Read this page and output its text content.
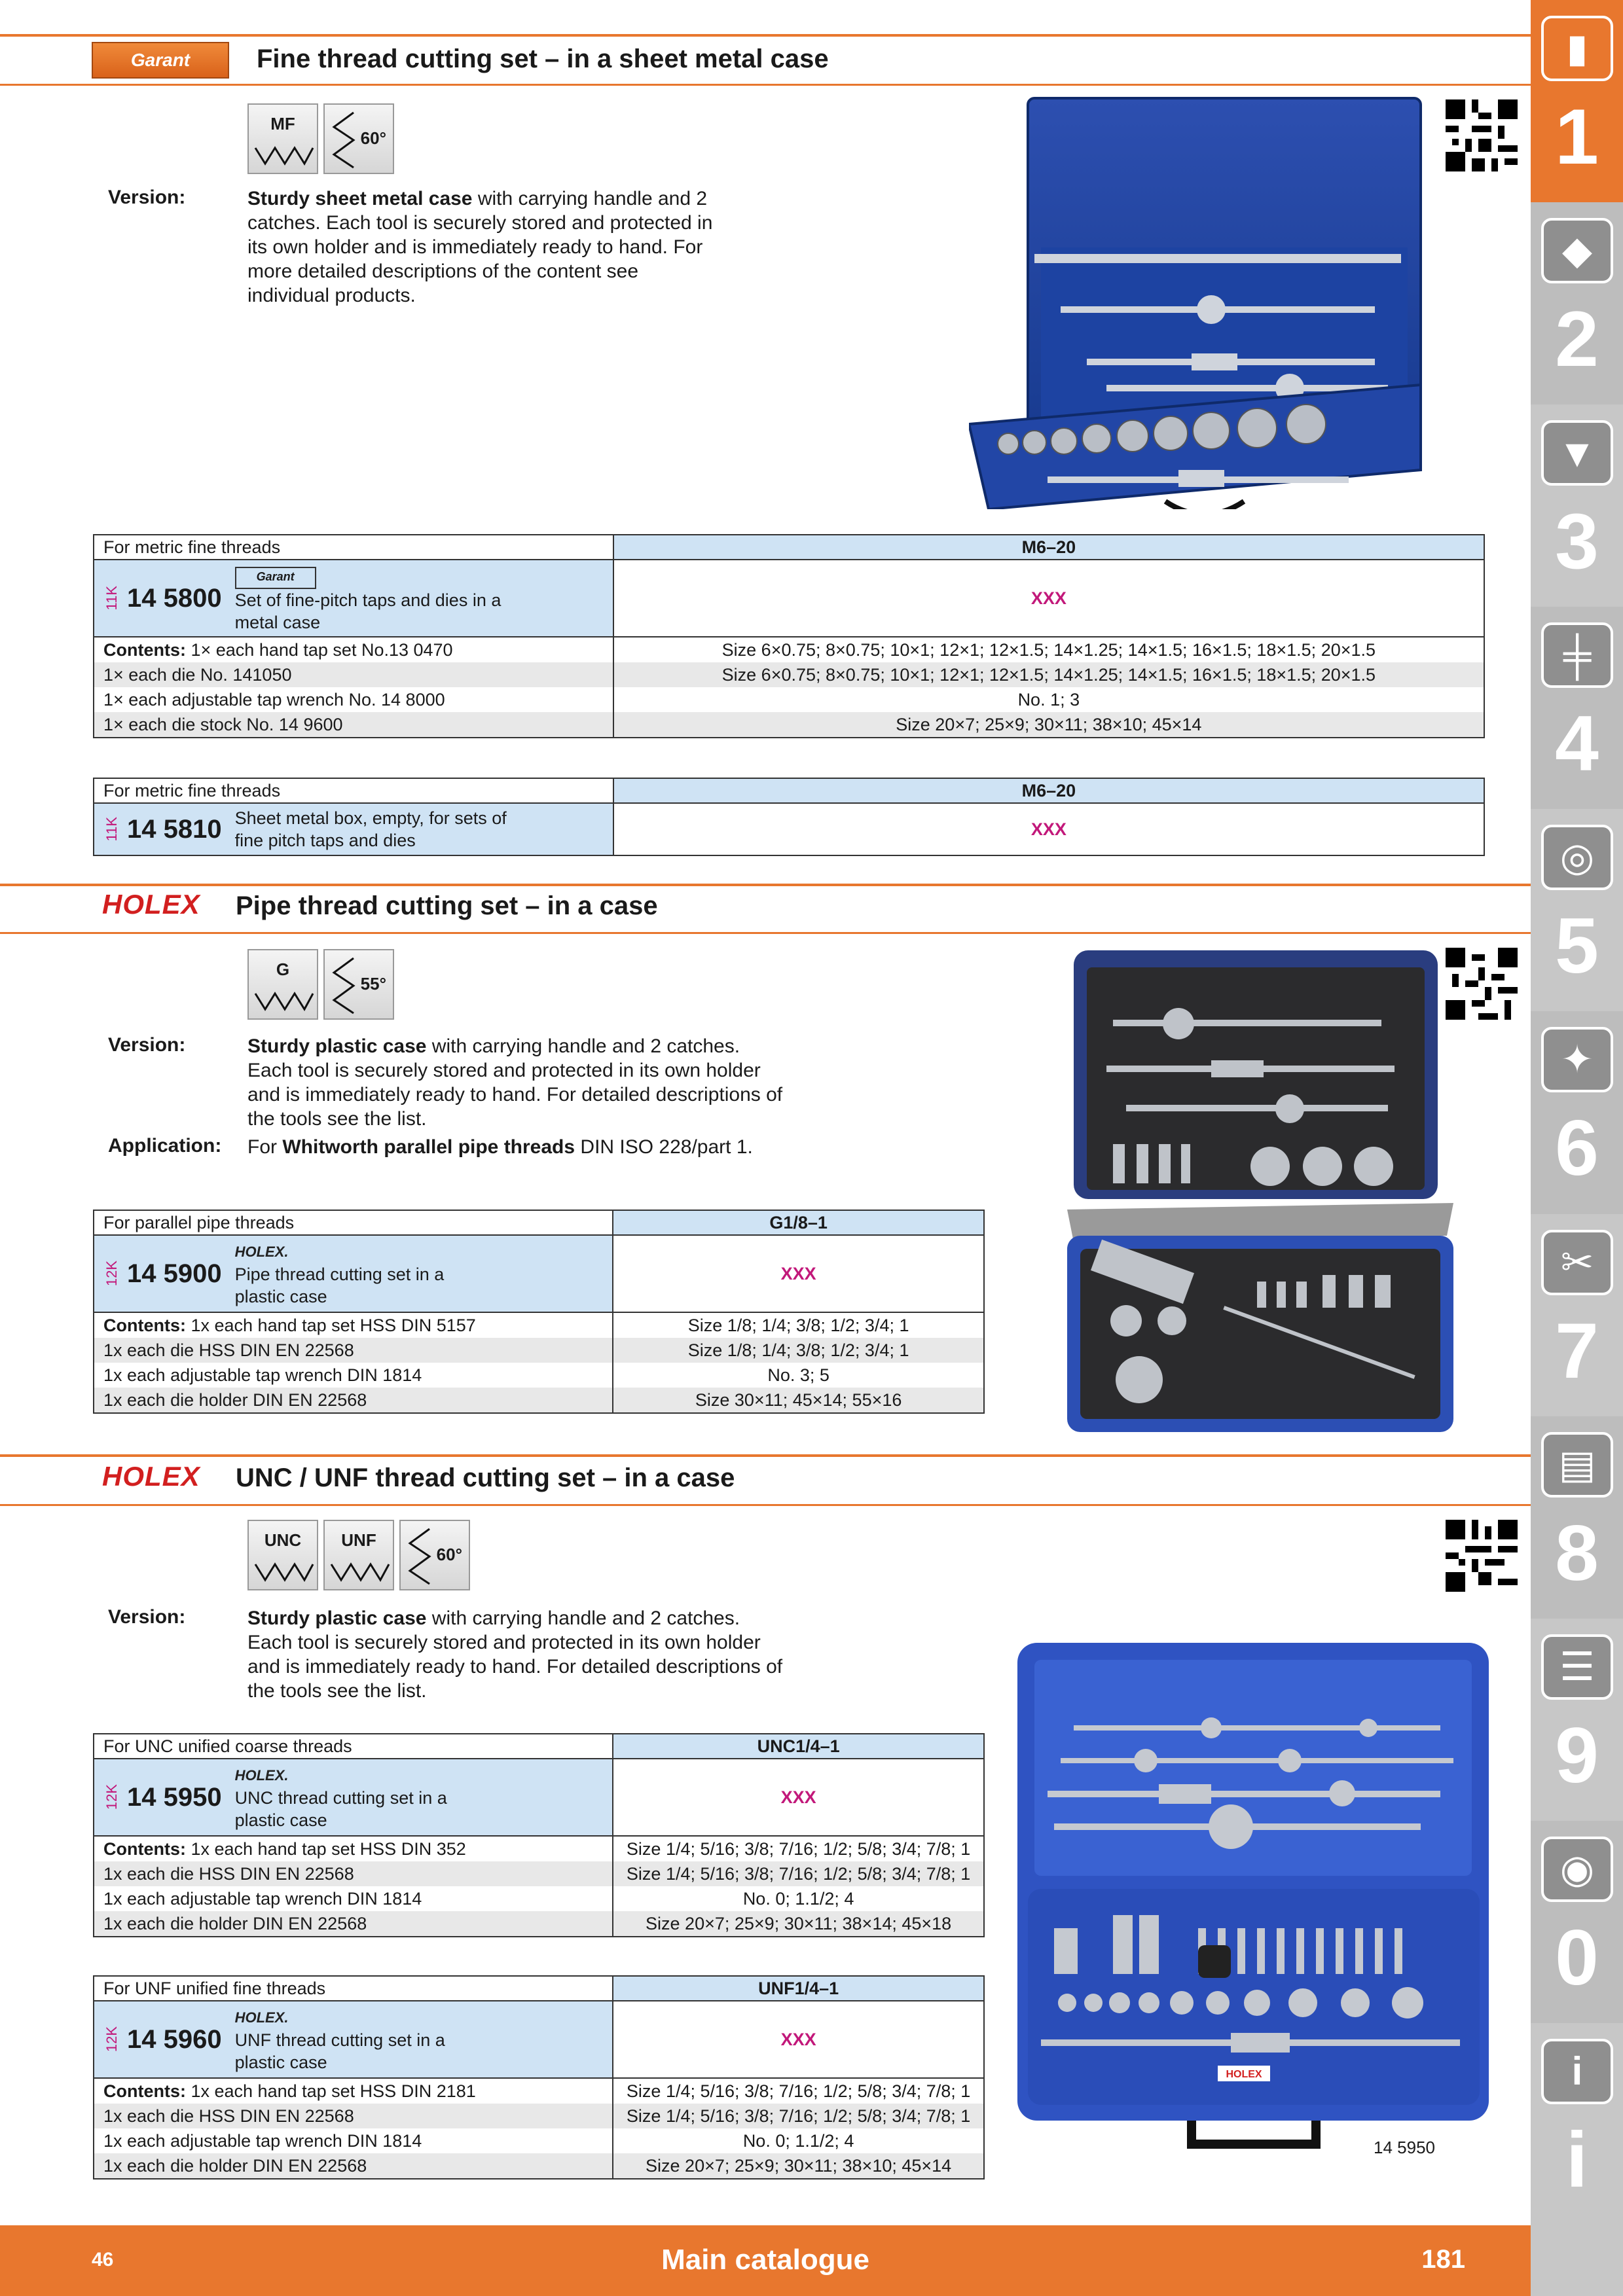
Garant	Fine thread cutting set – in a sheet metal case
MF
60°
Version:	Sturdy sheet metal case with carrying handle and 2 catches. Each tool is securely stored and protected in its own holder and is immediately ready to hand. For more detailed descriptions of the content see individual products.
For metric fine threads	M6–20

11K 14 5800
Garant
Set of fine-pitch taps and dies in a metal case	XXX
Contents: 1× each hand tap set No.13 0470	Size 6×0.75; 8×0.75; 10×1; 12×1; 12×1.5; 14×1.25; 14×1.5; 16×1.5; 18×1.5; 20×1.5
1× each die No. 141050	Size 6×0.75; 8×0.75; 10×1; 12×1; 12×1.5; 14×1.25; 14×1.5; 16×1.5; 18×1.5; 20×1.5
1× each adjustable tap wrench No. 14 8000	No. 1; 3
1× each die stock No. 14 9600	Size 20×7; 25×9; 30×11; 38×10; 45×14
For metric fine threads	M6–20

11K 14 5810 Sheet metal box, empty, for sets of fine pitch taps and dies	XXX
HOLEX Pipe thread cutting set – in a case
G
55°
Version:	Sturdy plastic case with carrying handle and 2 catches. Each tool is securely stored and protected in its own holder and is immediately ready to hand. For detailed descriptions of the tools see the list.
Application: For Whitworth parallel pipe threads DIN ISO 228/part 1.
For parallel pipe threads	G1/8–1

12K 14 5900
HOLEX.
Pipe thread cutting set in a plastic case	XXX
Contents: 1x each hand tap set HSS DIN 5157	Size 1/8; 1/4; 3/8; 1/2; 3/4; 1
1x each die HSS DIN EN 22568	Size 1/8; 1/4; 3/8; 1/2; 3/4; 1
1x each adjustable tap wrench DIN 1814	No. 3; 5
1x each die holder DIN EN 22568	Size 30×11; 45×14; 55×16
HOLEX UNC / UNF thread cutting set – in a case
UNC	UNF
60°
Version:	Sturdy plastic case with carrying handle and 2 catches. Each tool is securely stored and protected in its own holder and is immediately ready to hand. For detailed descriptions of the tools see the list.
HOLEX
14 5950
For UNC unified coarse threads	UNC1/4–1

12K 14 5950
HOLEX.
UNC thread cutting set in a plastic case	XXX
Contents: 1x each hand tap set HSS DIN 352	Size 1/4; 5/16; 3/8; 7/16; 1/2; 5/8; 3/4; 7/8; 1
1x each die HSS DIN EN 22568	Size 1/4; 5/16; 3/8; 7/16; 1/2; 5/8; 3/4; 7/8; 1
1x each adjustable tap wrench DIN 1814	No. 0; 1.1/2; 4
1x each die holder DIN EN 22568	Size 20×7; 25×9; 30×11; 38×14; 45×18
For UNF unified fine threads	UNF1/4–1

12K 14 5960
HOLEX.
UNF thread cutting set in a plastic case	XXX
Contents: 1x each hand tap set HSS DIN 2181	Size 1/4; 5/16; 3/8; 7/16; 1/2; 5/8; 3/4; 7/8; 1
1x each die HSS DIN EN 22568	Size 1/4; 5/16; 3/8; 7/16; 1/2; 5/8; 3/4; 7/8; 1
1x each adjustable tap wrench DIN 1814	No. 0; 1.1/2; 4
1x each die holder DIN EN 22568	Size 20×7; 25×9; 30×11; 38×10; 45×14
▮
1
◆
2
▼
3
╪
4
◎
5
✦
6
✂
7
▤
8
☰
9
◉
0
i
i
46	Main catalogue	181
